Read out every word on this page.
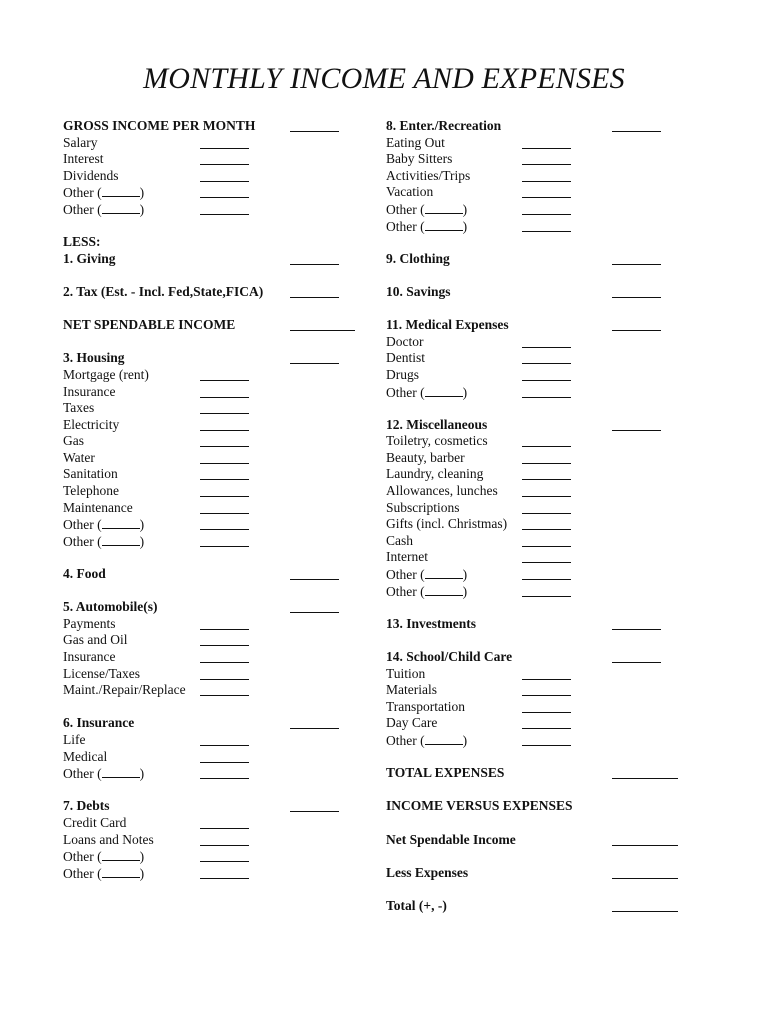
MONTHLY INCOME AND EXPENSES
GROSS INCOME PER MONTH
Salary
Interest
Dividends
Other (	)
Other (	)
LESS:
1. Giving
2. Tax (Est. - Incl. Fed,State,FICA)
NET SPENDABLE INCOME
3. Housing
Mortgage (rent)
Insurance
Taxes
Electricity
Gas
Water
Sanitation
Telephone
Maintenance
Other (	)
Other (	)
4. Food
5. Automobile(s)
Payments
Gas and Oil
Insurance
License/Taxes
Maint./Repair/Replace
6. Insurance
Life
Medical
Other (	)
7. Debts
Credit Card
Loans and Notes
Other (	)
Other (	)
8. Enter./Recreation
Eating Out
Baby Sitters
Activities/Trips
Vacation
Other (	)
Other (	)
9. Clothing
10. Savings
11. Medical Expenses
Doctor
Dentist
Drugs
Other (	)
12. Miscellaneous
Toiletry, cosmetics
Beauty, barber
Laundry, cleaning
Allowances, lunches
Subscriptions
Gifts (incl. Christmas)
Cash
Internet
Other (	)
Other (	)
13. Investments
14. School/Child Care
Tuition
Materials
Transportation
Day Care
Other (	)
TOTAL EXPENSES
INCOME VERSUS EXPENSES
Net Spendable Income
Less Expenses
Total (+, -)
